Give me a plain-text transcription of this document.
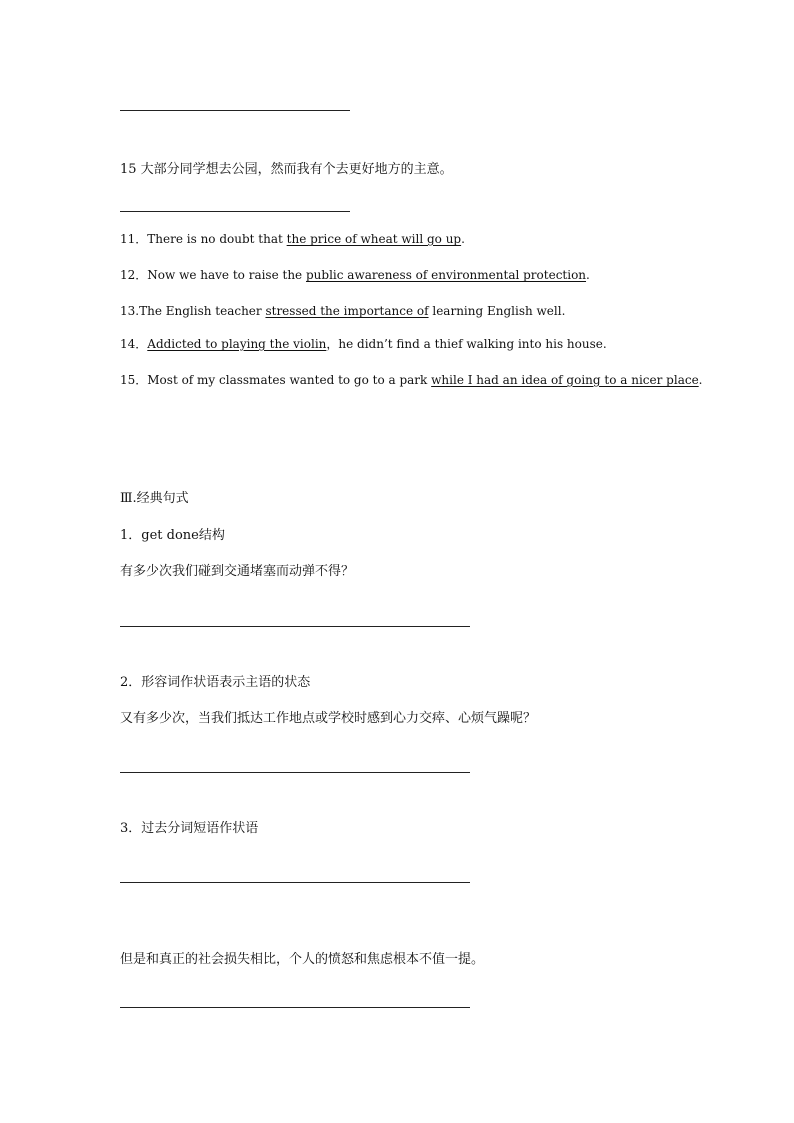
15 大部分同学想去公园，然而我有个去更好地方的主意。
11．There is no doubt that the price of wheat will go up.
12．Now we have to raise the public awareness of environmental protection.
13.The English teacher stressed the importance of learning English well.
14．Addicted to playing the violin，he didn’t find a thief walking into his house.
15．Most of my classmates wanted to go to a park while I had an idea of going to a nicer place.
Ⅲ.经典句式
1．get done结构
有多少次我们碰到交通堵塞而动弹不得？
2．形容词作状语表示主语的状态
又有多少次，当我们抵达工作地点或学校时感到心力交瘁、心烦气躁呢？
3．过去分词短语作状语
但是和真正的社会损失相比，个人的愤怒和焦虑根本不值一提。
